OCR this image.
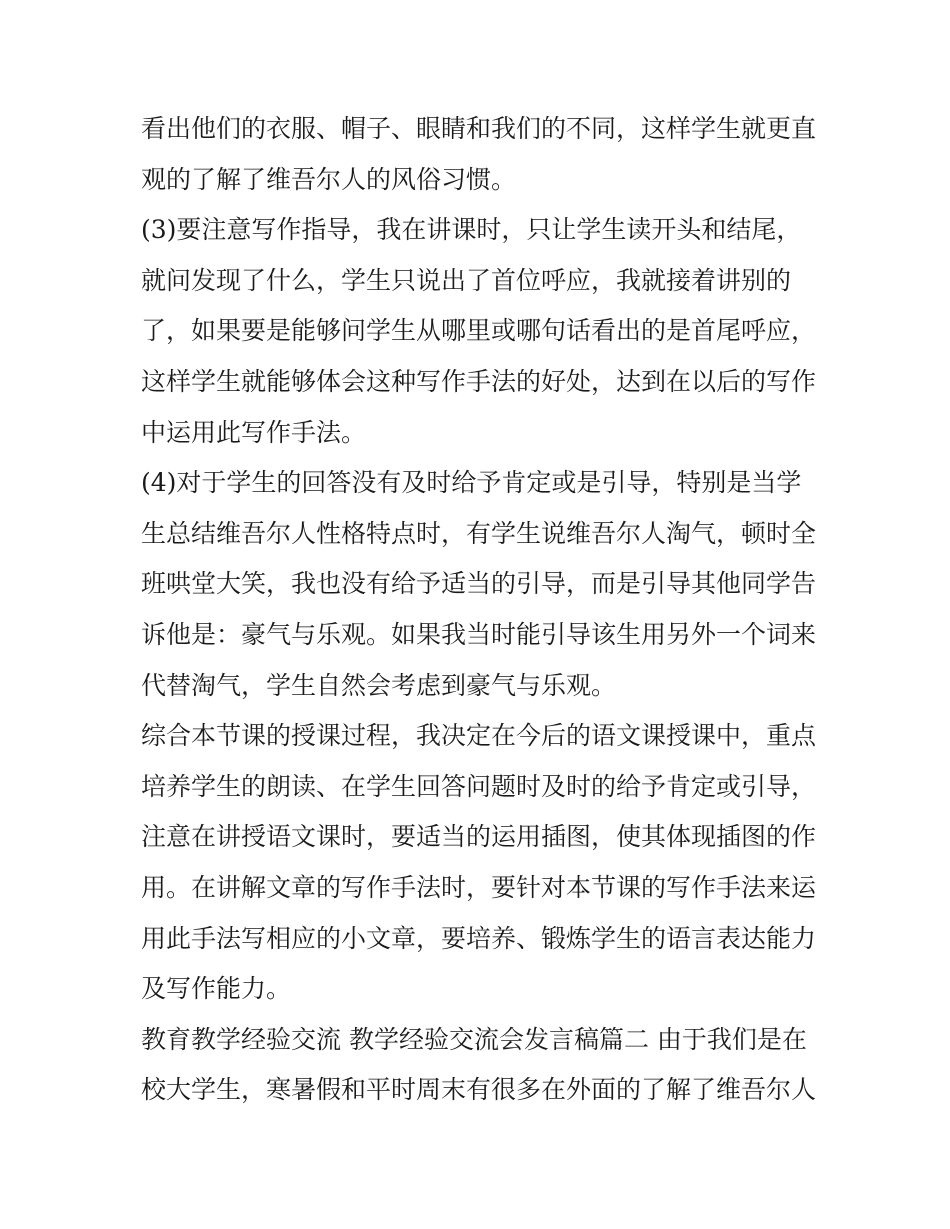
看出他们的衣服、帽子、眼睛和我们的不同，这样学生就更直
观的了解了维吾尔人的风俗习惯。
(3)要注意写作指导，我在讲课时，只让学生读开头和结尾，
就问发现了什么，学生只说出了首位呼应，我就接着讲别的
了，如果要是能够问学生从哪里或哪句话看出的是首尾呼应，
这样学生就能够体会这种写作手法的好处，达到在以后的写作
中运用此写作手法。
(4)对于学生的回答没有及时给予肯定或是引导，特别是当学
生总结维吾尔人性格特点时，有学生说维吾尔人淘气，顿时全
班哄堂大笑，我也没有给予适当的引导，而是引导其他同学告
诉他是：豪气与乐观。如果我当时能引导该生用另外一个词来
代替淘气，学生自然会考虑到豪气与乐观。
综合本节课的授课过程，我决定在今后的语文课授课中，重点
培养学生的朗读、在学生回答问题时及时的给予肯定或引导，
注意在讲授语文课时，要适当的运用插图，使其体现插图的作
用。在讲解文章的写作手法时，要针对本节课的写作手法来运
用此手法写相应的小文章，要培养、锻炼学生的语言表达能力
及写作能力。
教育教学经验交流 教学经验交流会发言稿篇二 由于我们是在
校大学生，寒暑假和平时周末有很多在外面的了解了维吾尔人
